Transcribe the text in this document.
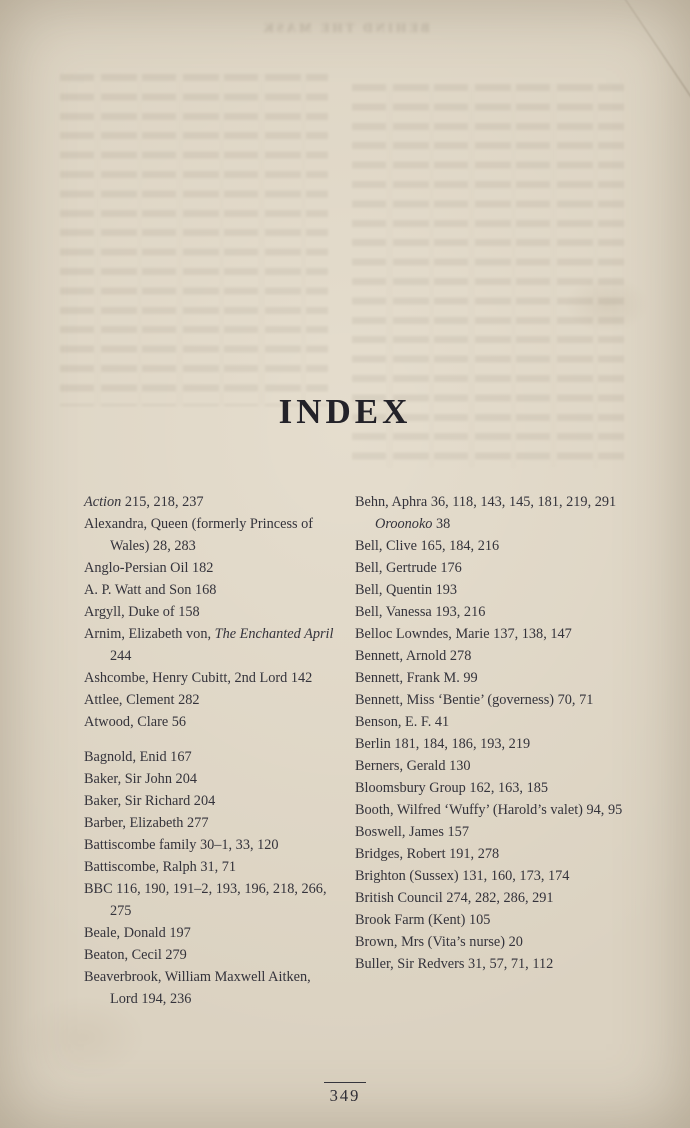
BEHIND THE MASK
INDEX
Action 215, 218, 237
Alexandra, Queen (formerly Princess of Wales) 28, 283
Anglo-Persian Oil 182
A. P. Watt and Son 168
Argyll, Duke of 158
Arnim, Elizabeth von, The Enchanted April 244
Ashcombe, Henry Cubitt, 2nd Lord 142
Attlee, Clement 282
Atwood, Clare 56
Bagnold, Enid 167
Baker, Sir John 204
Baker, Sir Richard 204
Barber, Elizabeth 277
Battiscombe family 30–1, 33, 120
Battiscombe, Ralph 31, 71
BBC 116, 190, 191–2, 193, 196, 218, 266, 275
Beale, Donald 197
Beaton, Cecil 279
Beaverbrook, William Maxwell Aitken, Lord 194, 236
Behn, Aphra 36, 118, 143, 145, 181, 219, 291
Oroonoko 38
Bell, Clive 165, 184, 216
Bell, Gertrude 176
Bell, Quentin 193
Bell, Vanessa 193, 216
Belloc Lowndes, Marie 137, 138, 147
Bennett, Arnold 278
Bennett, Frank M. 99
Bennett, Miss ‘Bentie’ (governess) 70, 71
Benson, E. F. 41
Berlin 181, 184, 186, 193, 219
Berners, Gerald 130
Bloomsbury Group 162, 163, 185
Booth, Wilfred ‘Wuffy’ (Harold’s valet) 94, 95
Boswell, James 157
Bridges, Robert 191, 278
Brighton (Sussex) 131, 160, 173, 174
British Council 274, 282, 286, 291
Brook Farm (Kent) 105
Brown, Mrs (Vita’s nurse) 20
Buller, Sir Redvers 31, 57, 71, 112
349
